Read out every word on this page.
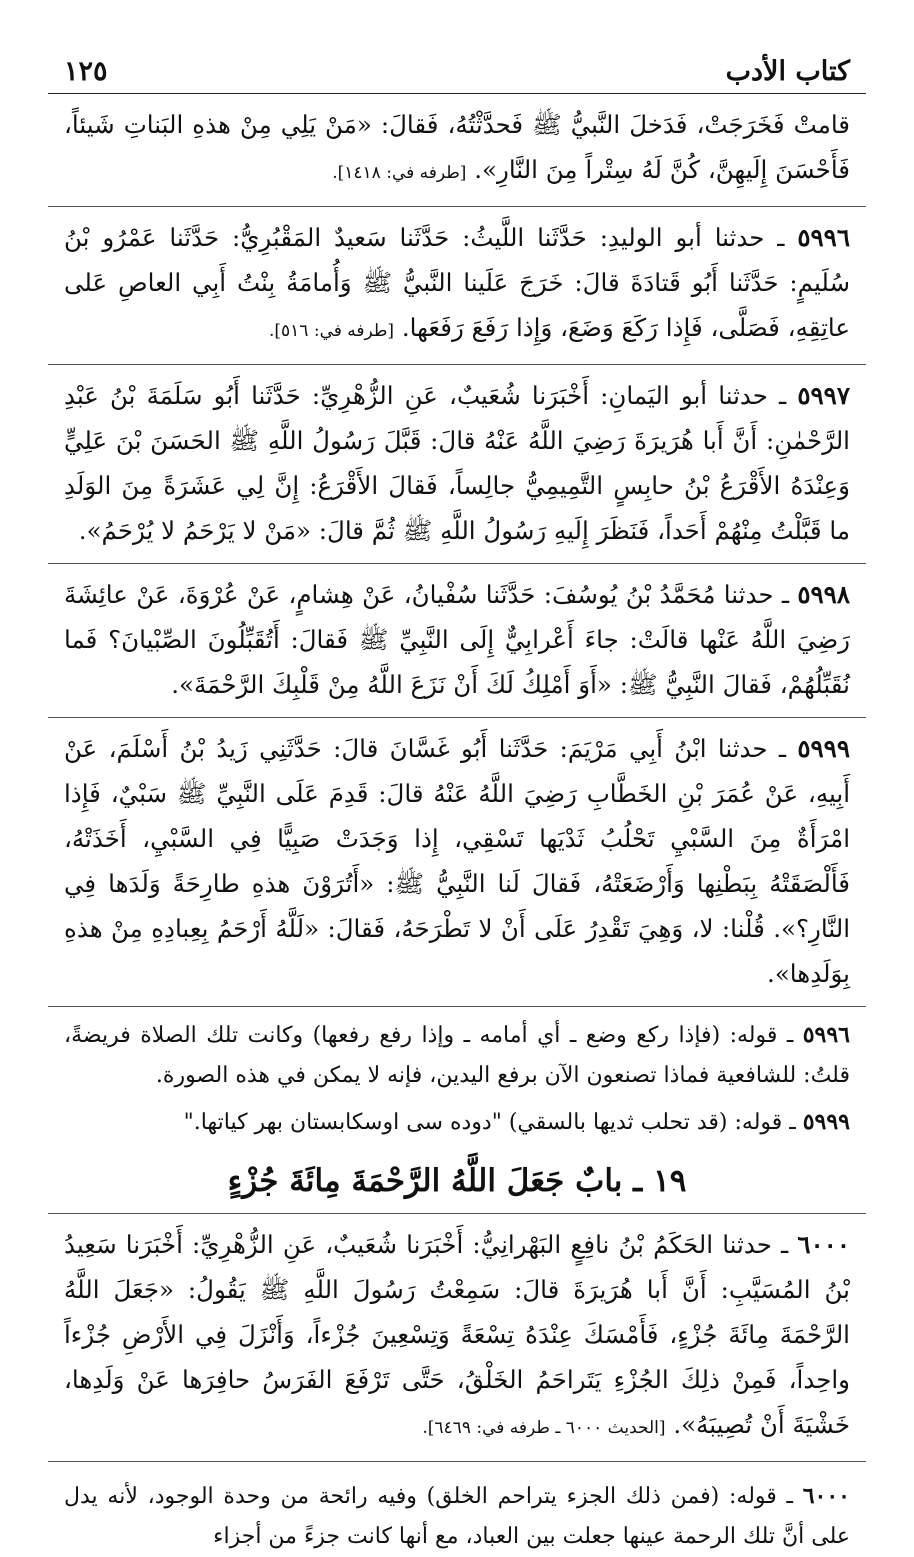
كتاب الأدب
١٢٥

قامتْ فَخَرَجَتْ، فَدَخلَ النَّبيُّ ﷺ فَحدَّثْتُهُ، فَقالَ: «مَنْ يَلِي مِنْ هذهِ البَناتِ شَيئاً، فَأَحْسَنَ إِلَيهِنَّ، كُنَّ لَهُ سِتْراً مِنَ النَّارِ». [طرفه في: ١٤١٨].

٥٩٩٦ ـ حدثنا أبو الوليدِ: حَدَّثَنا اللَّيثُ: حَدَّثَنا سَعيدٌ المَقْبُرِيُّ: حَدَّثَنا عَمْرُو بْنُ سُلَيمٍ: حَدَّثَنا أَبُو قَتادَةَ قالَ: خَرَجَ عَلَينا النَّبيُّ ﷺ وَأُمامَةُ بِنْتُ أَبِي العاصِ عَلى عاتِقِهِ، فَصَلَّى، فَإِذا رَكَعَ وَضَعَ، وَإِذا رَفَعَ رَفَعَها. [طرفه في: ٥١٦].

٥٩٩٧ ـ حدثنا أبو اليَمانِ: أَخْبَرَنا شُعَيبٌ، عَنِ الزُّهْرِيِّ: حَدَّثَنا أَبُو سَلَمَةَ بْنُ عَبْدِ الرَّحْمٰنِ: أَنَّ أَبا هُرَيرَةَ رَضِيَ اللَّهُ عَنْهُ قالَ: قَبَّلَ رَسُولُ اللَّهِ ﷺ الحَسَنَ بْنَ عَلِيٍّ وَعِنْدَهُ الأَقْرَعُ بْنُ حابِسٍ التَّمِيمِيُّ جالِساً، فَقالَ الأَقْرَعُ: إِنَّ لِي عَشَرَةً مِنَ الوَلَدِ ما قَبَّلْتُ مِنْهُمْ أَحَداً، فَنَظَرَ إِلَيهِ رَسُولُ اللَّهِ ﷺ ثُمَّ قالَ: «مَنْ لا يَرْحَمُ لا يُرْحَمُ».

٥٩٩٨ ـ حدثنا مُحَمَّدُ بْنُ يُوسُفَ: حَدَّثَنا سُفْيانُ، عَنْ هِشامٍ، عَنْ عُرْوَةَ، عَنْ عائِشَةَ رَضِيَ اللَّهُ عَنْها قالَتْ: جاءَ أَعْرابِيٌّ إِلَى النَّبِيِّ ﷺ فَقالَ: أَتُقَبِّلُونَ الصِّبْيانَ؟ فَما نُقَبِّلُهُمْ، فَقالَ النَّبِيُّ ﷺ: «أَوَ أَمْلِكُ لَكَ أَنْ نَزَعَ اللَّهُ مِنْ قَلْبِكَ الرَّحْمَةَ».

٥٩٩٩ ـ حدثنا ابْنُ أَبِي مَرْيَمَ: حَدَّثَنا أَبُو غَسَّانَ قالَ: حَدَّثَنِي زَيدُ بْنُ أَسْلَمَ، عَنْ أَبِيهِ، عَنْ عُمَرَ بْنِ الخَطَّابِ رَضِيَ اللَّهُ عَنْهُ قالَ: قَدِمَ عَلَى النَّبِيِّ ﷺ سَبْيٌ، فَإِذا امْرَأَةٌ مِنَ السَّبْيِ تَحْلُبُ ثَدْيَها تَسْقِي، إِذا وَجَدَتْ صَبِيًّا فِي السَّبْيِ، أَخَذَتْهُ، فَأَلْصَقَتْهُ بِبَطْنِها وَأَرْضَعَتْهُ، فَقالَ لَنا النَّبِيُّ ﷺ: «أَتُرَوْنَ هذهِ طارِحَةً وَلَدَها فِي النَّارِ؟». قُلْنا: لا، وَهِيَ تَقْدِرُ عَلَى أَنْ لا تَطْرَحَهُ، فَقالَ: «لَلَّهُ أَرْحَمُ بِعِبادِهِ مِنْ هذهِ بِوَلَدِها».

٥٩٩٦ ـ قوله: (فإذا ركع وضع ـ أي أمامه ـ وإذا رفع رفعها) وكانت تلك الصلاة فريضةً، قلتُ: للشافعية فماذا تصنعون الآن برفع اليدين، فإنه لا يمكن في هذه الصورة.

٥٩٩٩ ـ قوله: (قد تحلب ثديها بالسقي) "دوده سى اوسكابستان بهر كياتها."

١٩ ـ بابٌ جَعَلَ اللَّهُ الرَّحْمَةَ مِائَةَ جُزْءٍ

٦٠٠٠ ـ حدثنا الحَكَمُ بْنُ نافِعٍ البَهْرانِيُّ: أَخْبَرَنا شُعَيبٌ، عَنِ الزُّهْرِيِّ: أَخْبَرَنا سَعِيدُ بْنُ المُسَيَّبِ: أَنَّ أَبا هُرَيرَةَ قالَ: سَمِعْتُ رَسُولَ اللَّهِ ﷺ يَقُولُ: «جَعَلَ اللَّهُ الرَّحْمَةَ مِائَةَ جُزْءٍ، فَأَمْسَكَ عِنْدَهُ تِسْعَةً وَتِسْعِينَ جُزْءاً، وَأَنْزَلَ فِي الأَرْضِ جُزْءاً واحِداً، فَمِنْ ذلِكَ الجُزْءِ يَتَراحَمُ الخَلْقُ، حَتَّى تَرْفَعَ الفَرَسُ حافِرَها عَنْ وَلَدِها، خَشْيَةَ أَنْ تُصِيبَهُ». [الحديث ٦٠٠٠ ـ طرفه في: ٦٤٦٩].

٦٠٠٠ ـ قوله: (فمن ذلك الجزء يتراحم الخلق) وفيه رائحة من وحدة الوجود، لأنه يدل على أنَّ تلك الرحمة عينها جعلت بين العباد، مع أنها كانت جزءً من أجزاء
